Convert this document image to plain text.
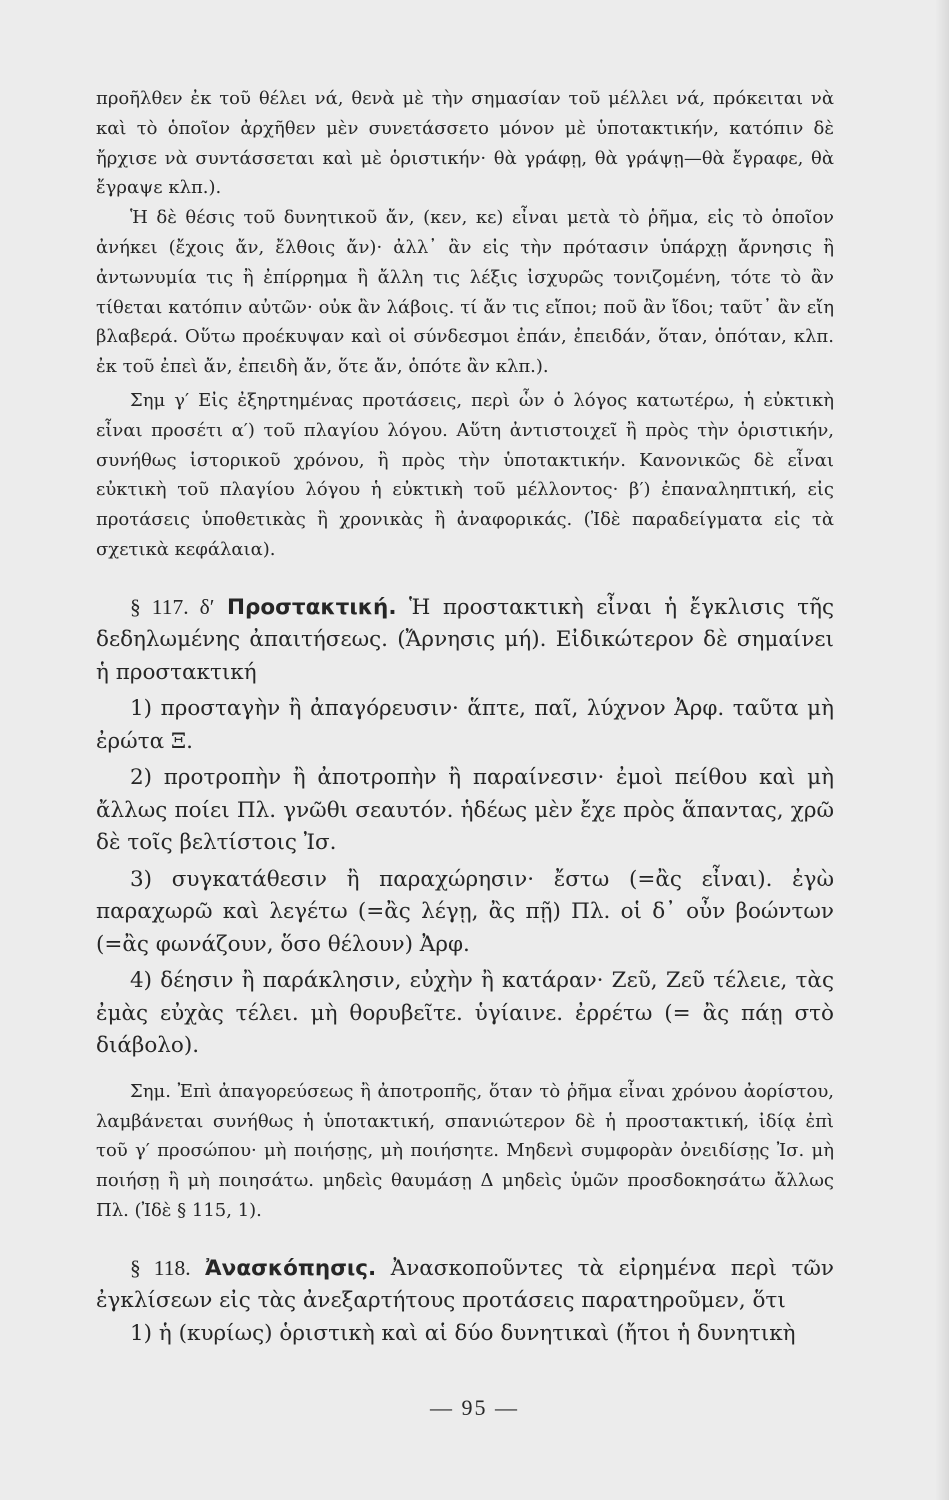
προῆλθεν ἐκ τοῦ θέλει νά, θενὰ μὲ τὴν σημασίαν τοῦ μέλλει νά, πρόκειται νὰ καὶ τὸ ὁποῖον ἀρχῆθεν μὲν συνετάσσετο μόνον μὲ ὑποτακτικήν, κατόπιν δὲ ἤρχισε νὰ συντάσσεται καὶ μὲ ὁριστικήν· θὰ γράφῃ, θὰ γράψῃ—θὰ ἔγραφε, θὰ ἔγραψε κλπ.).

Ἡ δὲ θέσις τοῦ δυνητικοῦ ἄν, (κεν, κε) εἶναι μετὰ τὸ ῥῆμα, εἰς τὸ ὁποῖον ἀνήκει (ἔχοις ἄν, ἔλθοις ἄν)· ἀλλ᾽ ἂν εἰς τὴν πρότασιν ὑπάρχῃ ἄρνησις ἢ ἀντωνυμία τις ἢ ἐπίρρημα ἢ ἄλλη τις λέξις ἰσχυρῶς τονιζομένη, τότε τὸ ἂν τίθεται κατόπιν αὐτῶν· οὐκ ἂν λάβοις. τί ἄν τις εἴποι; ποῦ ἂν ἴδοι; ταῦτ᾽ ἂν εἴη βλαβερά. Οὕτω προέκυψαν καὶ οἱ σύνδεσμοι ἐπάν, ἐπειδάν, ὅταν, ὁπόταν, κλπ. ἐκ τοῦ ἐπεὶ ἄν, ἐπειδὴ ἄν, ὅτε ἄν, ὁπότε ἂν κλπ.).

Σημ γ′ Εἰς ἐξηρτημένας προτάσεις, περὶ ὧν ὁ λόγος κατωτέρω, ἡ εὐκτικὴ εἶναι προσέτι α′) τοῦ πλαγίου λόγου. Αὕτη ἀντιστοιχεῖ ἢ πρὸς τὴν ὁριστικήν, συνήθως ἱστορικοῦ χρόνου, ἢ πρὸς τὴν ὑποτακτικήν. Κανονικῶς δὲ εἶναι εὐκτικὴ τοῦ πλαγίου λόγου ἡ εὐκτικὴ τοῦ μέλλοντος· β′) ἐπαναληπτική, εἰς προτάσεις ὑποθετικὰς ἢ χρονικὰς ἢ ἀναφορικάς. (Ἰδὲ παραδείγματα εἰς τὰ σχετικὰ κεφάλαια).

§ 117. δ′ Προστακτική. Ἡ προστακτικὴ εἶναι ἡ ἔγκλισις τῆς δεδηλωμένης ἀπαιτήσεως. (Ἄρνησις μή). Εἰδικώτερον δὲ σημαίνει ἡ προστακτική

1) προσταγὴν ἢ ἀπαγόρευσιν· ἅπτε, παῖ, λύχνον Ἀρφ. ταῦτα μὴ ἐρώτα Ξ.

2) προτροπὴν ἢ ἀποτροπὴν ἢ παραίνεσιν· ἐμοὶ πείθου καὶ μὴ ἄλλως ποίει Πλ. γνῶθι σεαυτόν. ἡδέως μὲν ἔχε πρὸς ἅπαντας, χρῶ δὲ τοῖς βελτίστοις Ἰσ.

3) συγκατάθεσιν ἢ παραχώρησιν· ἔστω (=ἂς εἶναι). ἐγὼ παραχωρῶ καὶ λεγέτω (=ἂς λέγῃ, ἂς πῇ) Πλ. οἱ δ᾽ οὖν βοώντων (=ἂς φωνάζουν, ὅσο θέλουν) Ἀρφ.

4) δέησιν ἢ παράκλησιν, εὐχὴν ἢ κατάραν· Ζεῦ, Ζεῦ τέλειε, τὰς ἐμὰς εὐχὰς τέλει. μὴ θορυβεῖτε. ὑγίαινε. ἐρρέτω (= ἂς πάῃ στὸ διάβολο).

Σημ. Ἐπὶ ἀπαγορεύσεως ἢ ἀποτροπῆς, ὅταν τὸ ῥῆμα εἶναι χρόνου ἀορίστου, λαμβάνεται συνήθως ἡ ὑποτακτική, σπανιώτερον δὲ ἡ προστακτική, ἰδίᾳ ἐπὶ τοῦ γ′ προσώπου· μὴ ποιήσῃς, μὴ ποιήσητε. Μηδενὶ συμφορὰν ὀνειδίσῃς Ἰσ. μὴ ποιήσῃ ἢ μὴ ποιησάτω. μηδεὶς θαυμάσῃ Δ μηδεὶς ὑμῶν προσδοκησάτω ἄλλως Πλ. (Ἰδὲ § 115, 1).

§ 118. Ἀνασκόπησις. Ἀνασκοποῦντες τὰ εἰρημένα περὶ τῶν ἐγκλίσεων εἰς τὰς ἀνεξαρτήτους προτάσεις παρατηροῦμεν, ὅτι

1) ἡ (κυρίως) ὁριστικὴ καὶ αἱ δύο δυνητικαὶ (ἤτοι ἡ δυνητικὴ

— 95 —
